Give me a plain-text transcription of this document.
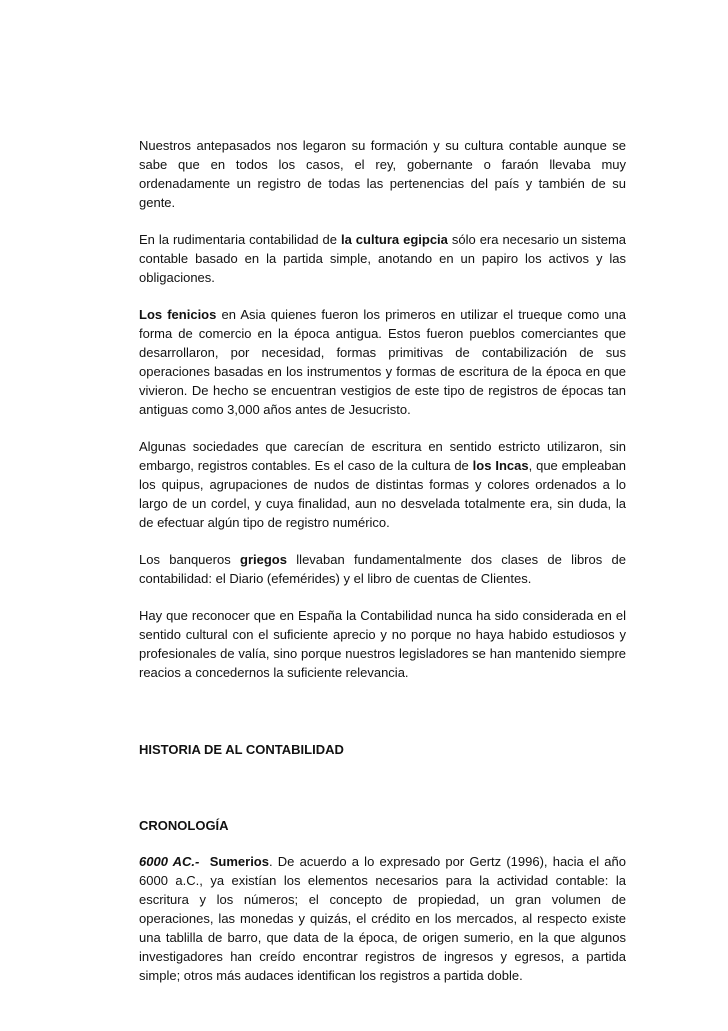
Nuestros antepasados nos legaron su formación y su cultura contable aunque se sabe que en todos los casos, el rey, gobernante o faraón llevaba muy ordenadamente un registro de todas las pertenencias del país y también de su gente.

En la rudimentaria contabilidad de la cultura egipcia sólo era necesario un sistema contable basado en la partida simple, anotando en un papiro los activos y las obligaciones.

Los fenicios en Asia quienes fueron los primeros en utilizar el trueque como una forma de comercio en la época antigua. Estos fueron pueblos comerciantes que desarrollaron, por necesidad, formas primitivas de contabilización de sus operaciones basadas en los instrumentos y formas de escritura de la época en que vivieron. De hecho se encuentran vestigios de este tipo de registros de épocas tan antiguas como 3,000 años antes de Jesucristo.

Algunas sociedades que carecían de escritura en sentido estricto utilizaron, sin embargo, registros contables. Es el caso de la cultura de los Incas, que empleaban los quipus, agrupaciones de nudos de distintas formas y colores ordenados a lo largo de un cordel, y cuya finalidad, aun no desvelada totalmente era, sin duda, la de efectuar algún tipo de registro numérico.

Los banqueros griegos llevaban fundamentalmente dos clases de libros de contabilidad: el Diario (efemérides) y el libro de cuentas de Clientes.

Hay que reconocer que en España la Contabilidad nunca ha sido considerada en el sentido cultural con el suficiente aprecio y no porque no haya habido estudiosos y profesionales de valía, sino porque nuestros legisladores se han mantenido siempre reacios a concedernos la suficiente relevancia.

HISTORIA DE AL CONTABILIDAD
CRONOLOGÍA

6000 AC.- Sumerios. De acuerdo a lo expresado por Gertz (1996), hacia el año 6000 a.C., ya existían los elementos necesarios para la actividad contable: la escritura y los números; el concepto de propiedad, un gran volumen de operaciones, las monedas y quizás, el crédito en los mercados, al respecto existe una tablilla de barro, que data de la época, de origen sumerio, en la que algunos investigadores han creído encontrar registros de ingresos y egresos, a partida simple; otros más audaces identifican los registros a partida doble.
